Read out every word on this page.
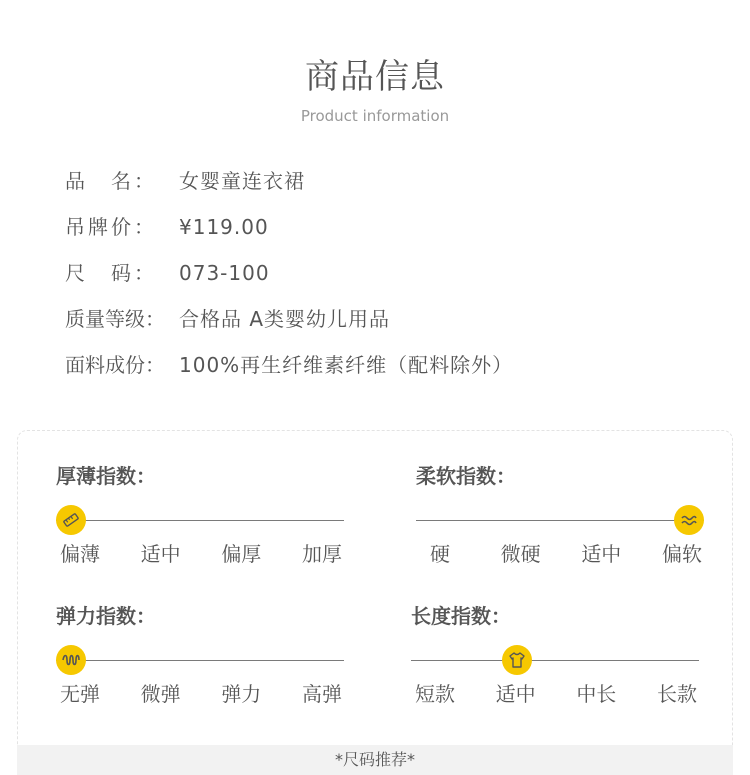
商品信息
Product information
品　名：	女婴童连衣裙
吊牌价：	¥119.00
尺　码：	073-100
质量等级： 合格品 A类婴幼儿用品
面料成份： 100%再生纤维素纤维（配料除外）
厚薄指数：
偏薄 适中 偏厚 加厚
柔软指数：
硬	微硬 适中 偏软
弹力指数：
无弹 微弹 弹力 高弹
长度指数：
短款 适中 中长 长款
*尺码推荐*
